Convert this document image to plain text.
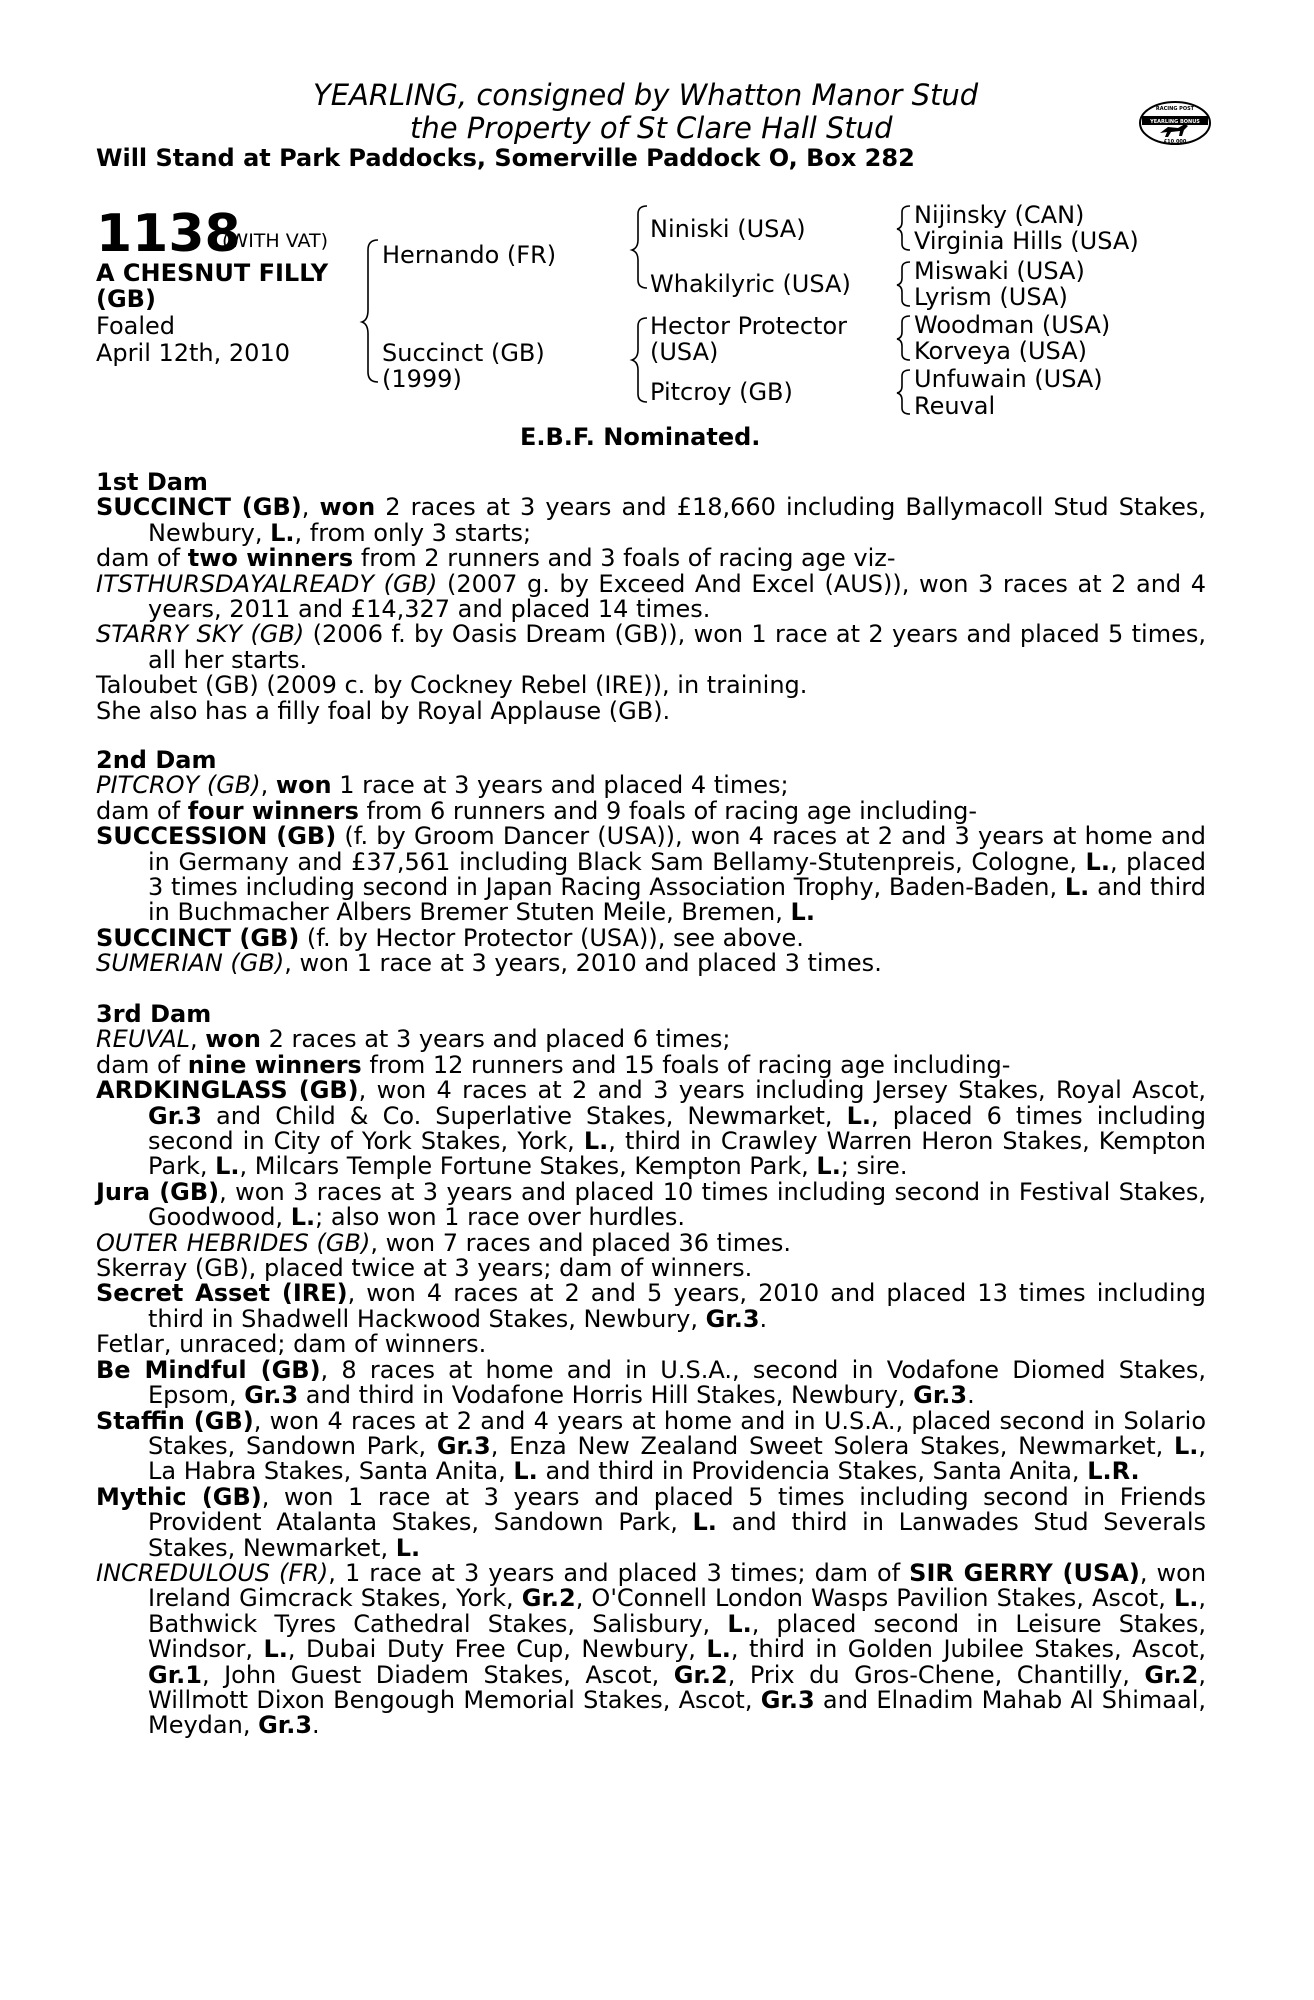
YEARLING, consigned by Whatton Manor Stud
the Property of St Clare Hall Stud
Will Stand at Park Paddocks, Somerville Paddock O, Box 282
RACING POST
YEARLING BONUS
£10,000
1138
(WITH VAT)
A CHESNUT FILLY
(GB)
Foaled
April 12th, 2010
Hernando (FR)
Succinct (GB)
(1999)
Niniski (USA)
Whakilyric (USA)
Hector Protector
(USA)
Pitcroy (GB)
Nijinsky (CAN)
Virginia Hills (USA)
Miswaki (USA)
Lyrism (USA)
Woodman (USA)
Korveya (USA)
Unfuwain (USA)
Reuval
E.B.F. Nominated.

1st Dam

SUCCINCT (GB), won 2 races at 3 years and £18,660 including Ballymacoll Stud Stakes, Newbury, L., from only 3 starts;

dam of two winners from 2 runners and 3 foals of racing age viz-

ITSTHURSDAYALREADY (GB) (2007 g. by Exceed And Excel (AUS)), won 3 races at 2 and 4 years, 2011 and £14,327 and placed 14 times.

STARRY SKY (GB) (2006 f. by Oasis Dream (GB)), won 1 race at 2 years and placed 5 times, all her starts.

Taloubet (GB) (2009 c. by Cockney Rebel (IRE)), in training.

She also has a filly foal by Royal Applause (GB).

2nd Dam

PITCROY (GB), won 1 race at 3 years and placed 4 times;

dam of four winners from 6 runners and 9 foals of racing age including-

SUCCESSION (GB) (f. by Groom Dancer (USA)), won 4 races at 2 and 3 years at home and in Germany and £37,561 including Black Sam Bellamy-Stutenpreis, Cologne, L., placed 3 times including second in Japan Racing Association Trophy, Baden-Baden, L. and third in Buchmacher Albers Bremer Stuten Meile, Bremen, L.

SUCCINCT (GB) (f. by Hector Protector (USA)), see above.

SUMERIAN (GB), won 1 race at 3 years, 2010 and placed 3 times.

3rd Dam

REUVAL, won 2 races at 3 years and placed 6 times;

dam of nine winners from 12 runners and 15 foals of racing age including-

ARDKINGLASS (GB), won 4 races at 2 and 3 years including Jersey Stakes, Royal Ascot, Gr.3 and Child & Co. Superlative Stakes, Newmarket, L., placed 6 times including second in City of York Stakes, York, L., third in Crawley Warren Heron Stakes, Kempton Park, L., Milcars Temple Fortune Stakes, Kempton Park, L.; sire.

Jura (GB), won 3 races at 3 years and placed 10 times including second in Festival Stakes, Goodwood, L.; also won 1 race over hurdles.

OUTER HEBRIDES (GB), won 7 races and placed 36 times.

Skerray (GB), placed twice at 3 years; dam of winners.

Secret Asset (IRE), won 4 races at 2 and 5 years, 2010 and placed 13 times including third in Shadwell Hackwood Stakes, Newbury, Gr.3.

Fetlar, unraced; dam of winners.

Be Mindful (GB), 8 races at home and in U.S.A., second in Vodafone Diomed Stakes, Epsom, Gr.3 and third in Vodafone Horris Hill Stakes, Newbury, Gr.3.

Staffin (GB), won 4 races at 2 and 4 years at home and in U.S.A., placed second in Solario Stakes, Sandown Park, Gr.3, Enza New Zealand Sweet Solera Stakes, Newmarket, L., La Habra Stakes, Santa Anita, L. and third in Providencia Stakes, Santa Anita, L.R.

Mythic (GB), won 1 race at 3 years and placed 5 times including second in Friends Provident Atalanta Stakes, Sandown Park, L. and third in Lanwades Stud Severals Stakes, Newmarket, L.

INCREDULOUS (FR), 1 race at 3 years and placed 3 times; dam of SIR GERRY (USA), won Ireland Gimcrack Stakes, York, Gr.2, O'Connell London Wasps Pavilion Stakes, Ascot, L., Bathwick Tyres Cathedral Stakes, Salisbury, L., placed second in Leisure Stakes, Windsor, L., Dubai Duty Free Cup, Newbury, L., third in Golden Jubilee Stakes, Ascot, Gr.1, John Guest Diadem Stakes, Ascot, Gr.2, Prix du Gros-Chene, Chantilly, Gr.2, Willmott Dixon Bengough Memorial Stakes, Ascot, Gr.3 and Elnadim Mahab Al Shimaal, Meydan, Gr.3.
